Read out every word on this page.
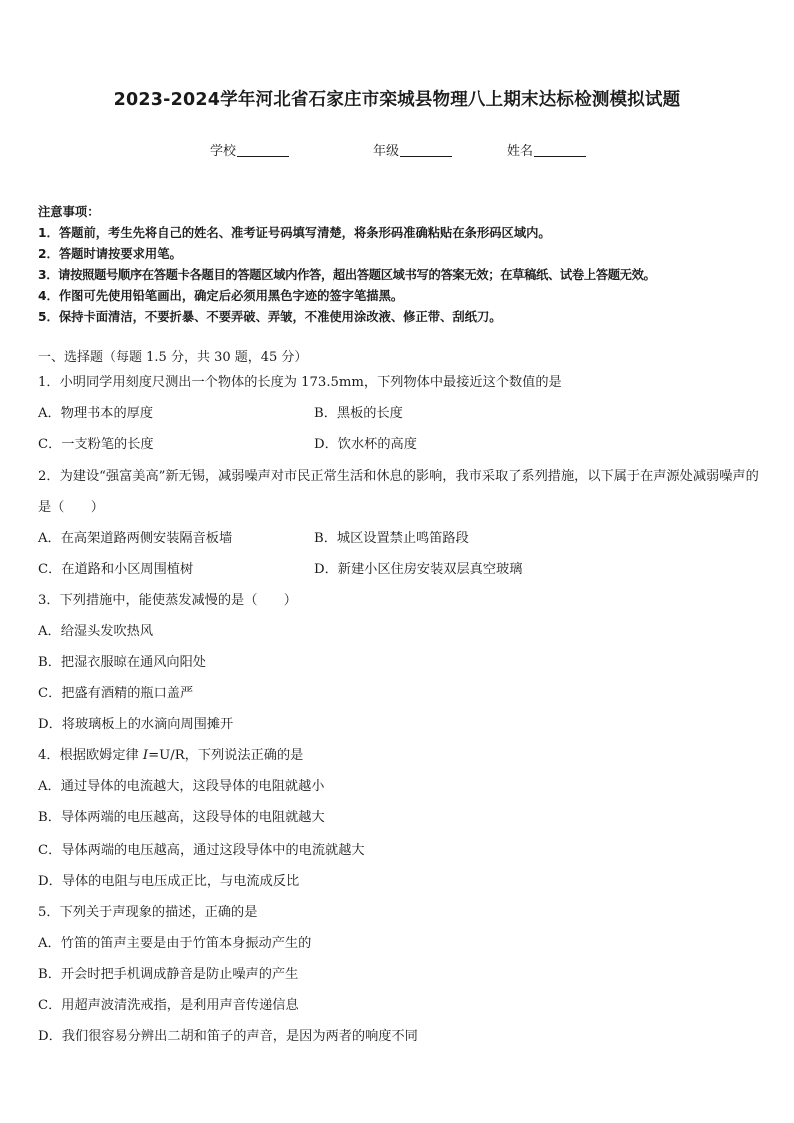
2023-2024学年河北省石家庄市栾城县物理八上期末达标检测模拟试题
学校	年级	姓名
注意事项：
1．答题前，考生先将自己的姓名、准考证号码填写清楚，将条形码准确粘贴在条形码区域内。
2．答题时请按要求用笔。
3．请按照题号顺序在答题卡各题目的答题区域内作答，超出答题区域书写的答案无效；在草稿纸、试卷上答题无效。
4．作图可先使用铅笔画出，确定后必须用黑色字迹的签字笔描黑。
5．保持卡面清洁，不要折暴、不要弄破、弄皱，不准使用涂改液、修正带、刮纸刀。
一、选择题（每题 1.5 分，共 30 题，45 分）
1．小明同学用刻度尺测出一个物体的长度为 173.5mm，下列物体中最接近这个数值的是
A．物理书本的厚度	B．黑板的长度
C．一支粉笔的长度	D．饮水杯的高度
2．为建设“强富美高”新无锡，减弱噪声对市民正常生活和休息的影响，我市采取了系列措施，以下属于在声源处减弱噪声的是（　　）
A．在高架道路两侧安装隔音板墙	B．城区设置禁止鸣笛路段
C．在道路和小区周围植树	D．新建小区住房安装双层真空玻璃
3．下列措施中，能使蒸发减慢的是（　　）
A．给湿头发吹热风
B．把湿衣服晾在通风向阳处
C．把盛有酒精的瓶口盖严
D．将玻璃板上的水滴向周围摊开
4．根据欧姆定律 I=U/R，下列说法正确的是
A．通过导体的电流越大，这段导体的电阻就越小
B．导体两端的电压越高，这段导体的电阻就越大
C．导体两端的电压越高，通过这段导体中的电流就越大
D．导体的电阻与电压成正比，与电流成反比
5．下列关于声现象的描述，正确的是
A．竹笛的笛声主要是由于竹笛本身振动产生的
B．开会时把手机调成静音是防止噪声的产生
C．用超声波清洗戒指，是利用声音传递信息
D．我们很容易分辨出二胡和笛子的声音，是因为两者的响度不同
